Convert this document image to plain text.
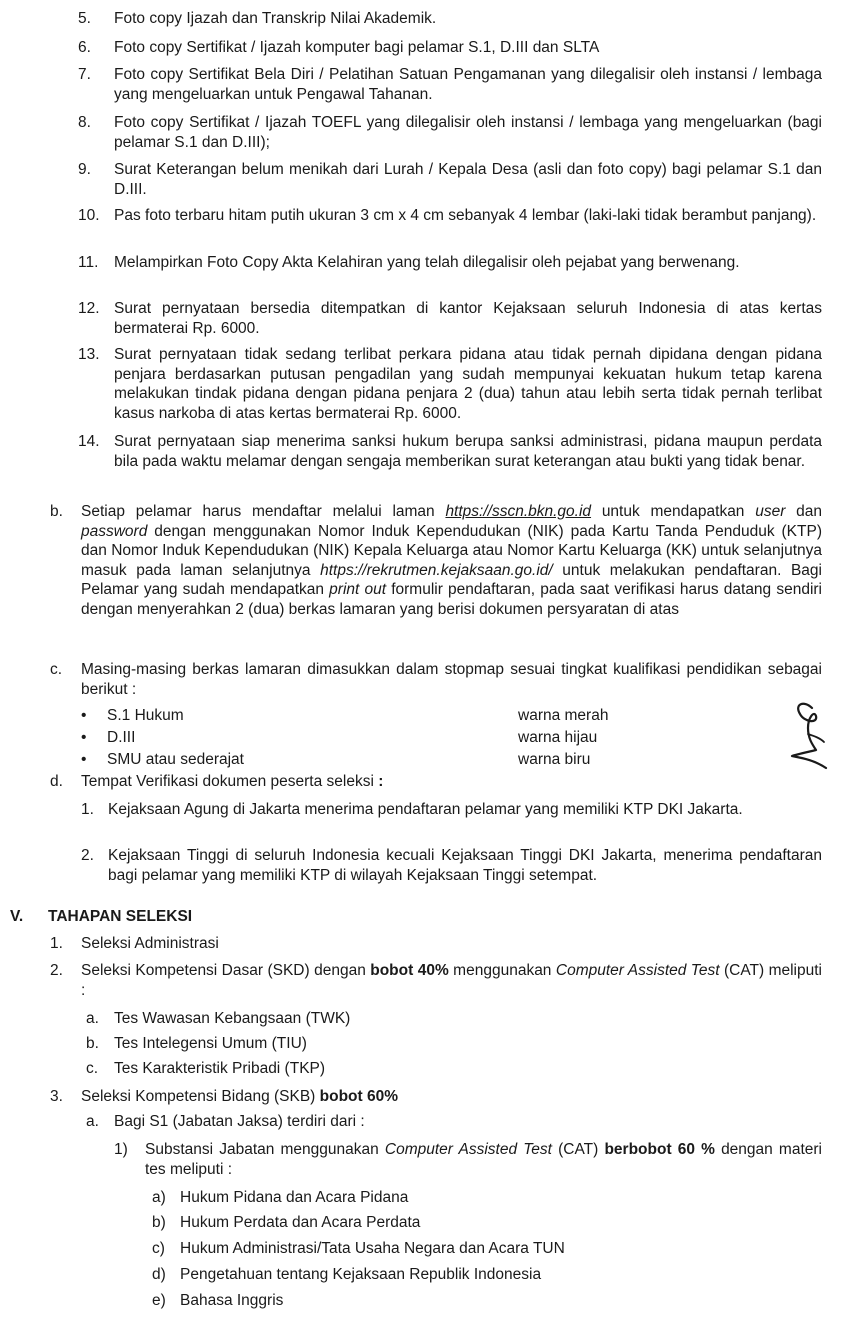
5. Foto copy Ijazah dan Transkrip Nilai Akademik.
6. Foto copy Sertifikat / Ijazah komputer bagi pelamar S.1, D.III dan SLTA
7. Foto copy Sertifikat Bela Diri / Pelatihan Satuan Pengamanan yang dilegalisir oleh instansi / lembaga yang mengeluarkan untuk Pengawal Tahanan.
8. Foto copy Sertifikat / Ijazah TOEFL yang dilegalisir oleh instansi / lembaga yang mengeluarkan (bagi pelamar S.1 dan D.III);
9. Surat Keterangan belum menikah dari Lurah / Kepala Desa (asli dan foto copy) bagi pelamar S.1 dan D.III.
10. Pas foto terbaru hitam putih ukuran 3 cm x 4 cm sebanyak 4 lembar (laki-laki tidak berambut panjang).
11. Melampirkan Foto Copy Akta Kelahiran yang telah dilegalisir oleh pejabat yang berwenang.
12. Surat pernyataan bersedia ditempatkan di kantor Kejaksaan seluruh Indonesia di atas kertas bermaterai Rp. 6000.
13. Surat pernyataan tidak sedang terlibat perkara pidana atau tidak pernah dipidana dengan pidana penjara berdasarkan putusan pengadilan yang sudah mempunyai kekuatan hukum tetap karena melakukan tindak pidana dengan pidana penjara 2 (dua) tahun atau lebih serta tidak pernah terlibat kasus narkoba di atas kertas bermaterai Rp. 6000.
14. Surat pernyataan siap menerima sanksi hukum berupa sanksi administrasi, pidana maupun perdata bila pada waktu melamar dengan sengaja memberikan surat keterangan atau bukti yang tidak benar.
b. Setiap pelamar harus mendaftar melalui laman https://sscn.bkn.go.id untuk mendapatkan user dan password dengan menggunakan Nomor Induk Kependudukan (NIK) pada Kartu Tanda Penduduk (KTP) dan Nomor Induk Kependudukan (NIK) Kepala Keluarga atau Nomor Kartu Keluarga (KK) untuk selanjutnya masuk pada laman selanjutnya https://rekrutmen.kejaksaan.go.id/ untuk melakukan pendaftaran. Bagi Pelamar yang sudah mendapatkan print out formulir pendaftaran, pada saat verifikasi harus datang sendiri dengan menyerahkan 2 (dua) berkas lamaran yang berisi dokumen persyaratan di atas
c. Masing-masing berkas lamaran dimasukkan dalam stopmap sesuai tingkat kualifikasi pendidikan sebagai berikut :
• S.1 Hukum	warna merah
• D.III	warna hijau
• SMU atau sederajat	warna biru
d. Tempat Verifikasi dokumen peserta seleksi :
1. Kejaksaan Agung di Jakarta menerima pendaftaran pelamar yang memiliki KTP DKI Jakarta.
2. Kejaksaan Tinggi di seluruh Indonesia kecuali Kejaksaan Tinggi DKI Jakarta, menerima pendaftaran bagi pelamar yang memiliki KTP di wilayah Kejaksaan Tinggi setempat.
V. TAHAPAN SELEKSI
1. Seleksi Administrasi
2. Seleksi Kompetensi Dasar (SKD) dengan bobot 40% menggunakan Computer Assisted Test (CAT) meliputi :
a. Tes Wawasan Kebangsaan (TWK)
b. Tes Intelegensi Umum (TIU)
c. Tes Karakteristik Pribadi (TKP)
3. Seleksi Kompetensi Bidang (SKB) bobot 60%
a. Bagi S1 (Jabatan Jaksa) terdiri dari :
1) Substansi Jabatan menggunakan Computer Assisted Test (CAT) berbobot 60 % dengan materi tes meliputi :
a) Hukum Pidana dan Acara Pidana
b) Hukum Perdata dan Acara Perdata
c) Hukum Administrasi/Tata Usaha Negara dan Acara TUN
d) Pengetahuan tentang Kejaksaan Republik Indonesia
e) Bahasa Inggris
